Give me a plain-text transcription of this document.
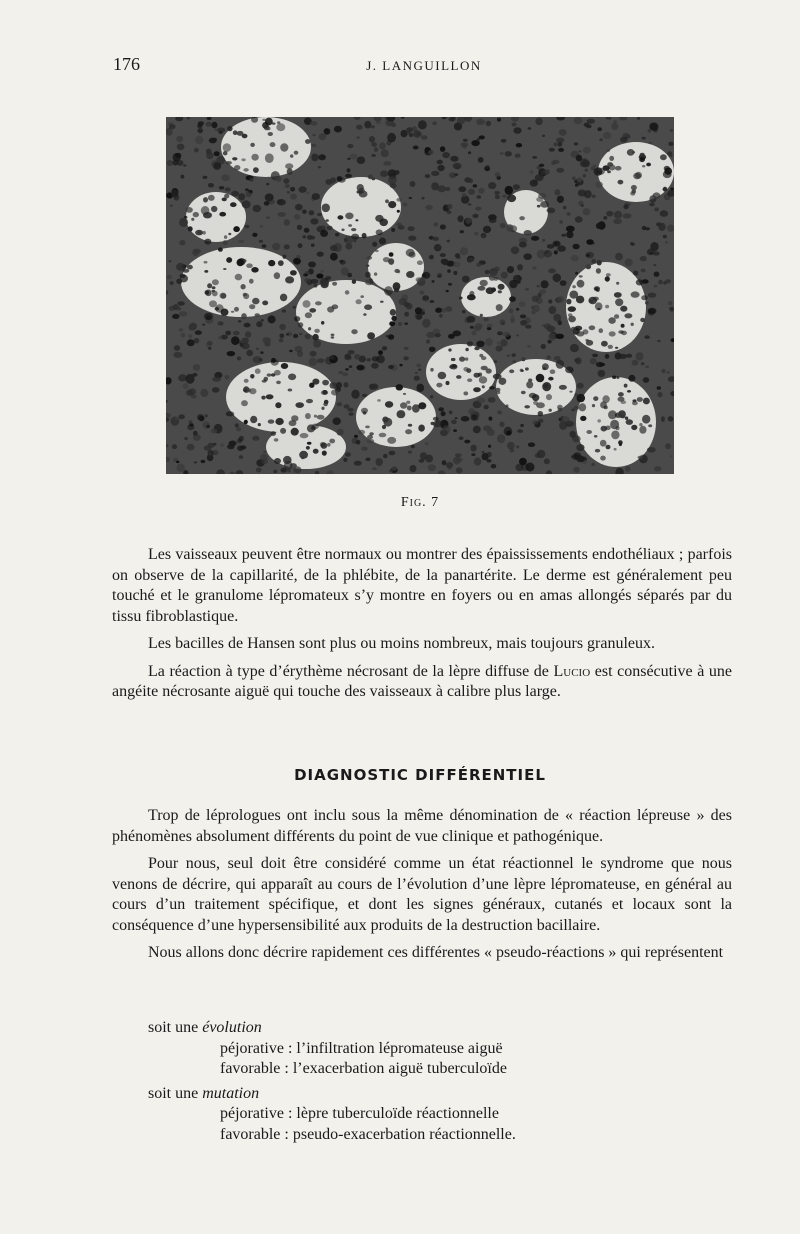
176	J. LANGUILLON
Fig. 7

Les vaisseaux peuvent être normaux ou montrer des épaississements endothéliaux ; parfois on observe de la capillarité, de la phlébite, de la panartérite. Le derme est généralement peu touché et le granulome lépromateux s’y montre en foyers ou en amas allongés séparés par du tissu fibroblastique.

Les bacilles de Hansen sont plus ou moins nombreux, mais toujours granuleux.

La réaction à type d’érythème nécrosant de la lèpre diffuse de Lucio est consécutive à une angéite nécrosante aiguë qui touche des vaisseaux à calibre plus large.

DIAGNOSTIC DIFFÉRENTIEL

Trop de léprologues ont inclu sous la même dénomination de « réaction lépreuse » des phénomènes absolument différents du point de vue clinique et pathogénique.

Pour nous, seul doit être considéré comme un état réactionnel le syndrome que nous venons de décrire, qui apparaît au cours de l’évolution d’une lèpre lépromateuse, en général au cours d’un traitement spécifique, et dont les signes généraux, cutanés et locaux sont la conséquence d’une hypersensibilité aux produits de la destruction bacillaire.

Nous allons donc décrire rapidement ces différentes « pseudo-réactions » qui représentent

soit une évolution
péjorative : l’infiltration lépromateuse aiguë
favorable : l’exacerbation aiguë tuberculoïde
soit une mutation
péjorative : lèpre tuberculoïde réactionnelle
favorable : pseudo-exacerbation réactionnelle.
